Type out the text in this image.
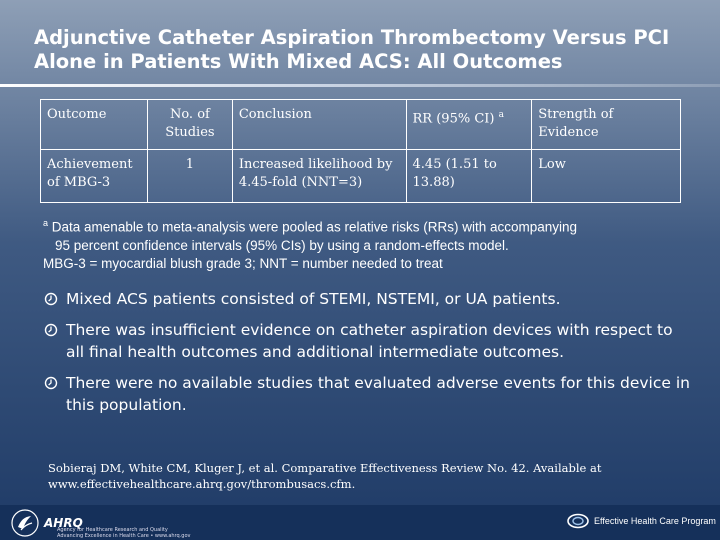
Adjunctive Catheter Aspiration Thrombectomy Versus PCI Alone in Patients With Mixed ACS: All Outcomes
Outcome	No. of Studies	Conclusion	RR (95% CI) $^a$	Strength of Evidence
Achievement of MBG-3	1	Increased likelihood by 4.45-fold (NNT=3)	4.45 (1.51 to 13.88)	Low
$^a$ Data amenable to meta-analysis were pooled as relative risks (RRs) with accompanying
95 percent confidence intervals (95% CIs) by using a random-effects model.
MBG-3 = myocardial blush grade 3; NNT = number needed to treat
Mixed ACS patients consisted of STEMI, NSTEMI, or UA patients.
There was insufficient evidence on catheter aspiration devices with respect to all final health outcomes and additional intermediate outcomes.
There were no available studies that evaluated adverse events for this device in this population.
Sobieraj DM, White CM, Kluger J, et al. Comparative Effectiveness Review No. 42. Available at www.effectivehealthcare.ahrq.gov/thrombusacs.cfm.
AHRQ
Agency for Healthcare Research and Quality
Advancing Excellence in Health Care • www.ahrq.gov
Effective Health Care Program
